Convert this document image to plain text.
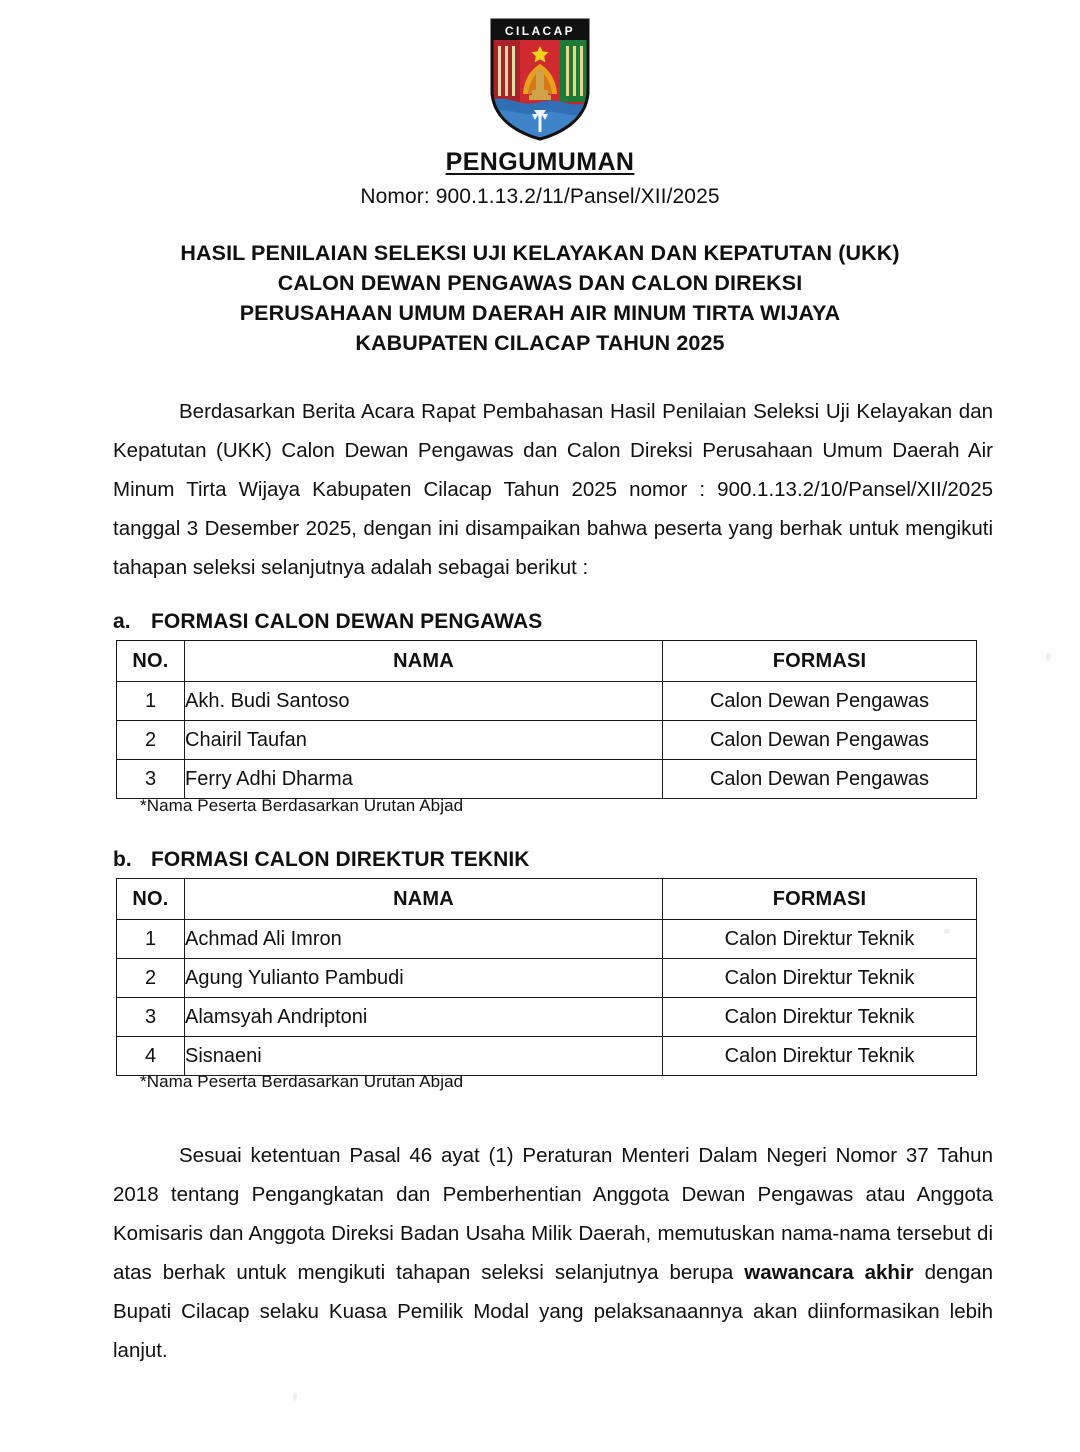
CILACAP
PENGUMUMAN
Nomor: 900.1.13.2/11/Pansel/XII/2025
HASIL PENILAIAN SELEKSI UJI KELAYAKAN DAN KEPATUTAN (UKK)
CALON DEWAN PENGAWAS DAN CALON DIREKSI
PERUSAHAAN UMUM DAERAH AIR MINUM TIRTA WIJAYA
KABUPATEN CILACAP TAHUN 2025
Berdasarkan Berita Acara Rapat Pembahasan Hasil Penilaian Seleksi Uji Kelayakan dan Kepatutan (UKK) Calon Dewan Pengawas dan Calon Direksi Perusahaan Umum Daerah Air Minum Tirta Wijaya Kabupaten Cilacap Tahun 2025 nomor : 900.1.13.2/10/Pansel/XII/2025 tanggal 3 Desember 2025, dengan ini disampaikan bahwa peserta yang berhak untuk mengikuti tahapan seleksi selanjutnya adalah sebagai berikut :
a. FORMASI CALON DEWAN PENGAWAS
NO.	NAMA	FORMASI
1	Akh. Budi Santoso	Calon Dewan Pengawas
2	Chairil Taufan	Calon Dewan Pengawas
3	Ferry Adhi Dharma	Calon Dewan Pengawas
*Nama Peserta Berdasarkan Urutan Abjad
b. FORMASI CALON DIREKTUR TEKNIK
NO.	NAMA	FORMASI
1	Achmad Ali Imron	Calon Direktur Teknik
2	Agung Yulianto Pambudi	Calon Direktur Teknik
3	Alamsyah Andriptoni	Calon Direktur Teknik
4	Sisnaeni	Calon Direktur Teknik
*Nama Peserta Berdasarkan Urutan Abjad
Sesuai ketentuan Pasal 46 ayat (1) Peraturan Menteri Dalam Negeri Nomor 37 Tahun 2018 tentang Pengangkatan dan Pemberhentian Anggota Dewan Pengawas atau Anggota Komisaris dan Anggota Direksi Badan Usaha Milik Daerah, memutuskan nama-nama tersebut di atas berhak untuk mengikuti tahapan seleksi selanjutnya berupa wawancara akhir dengan Bupati Cilacap selaku Kuasa Pemilik Modal yang pelaksanaannya akan diinformasikan lebih lanjut.
